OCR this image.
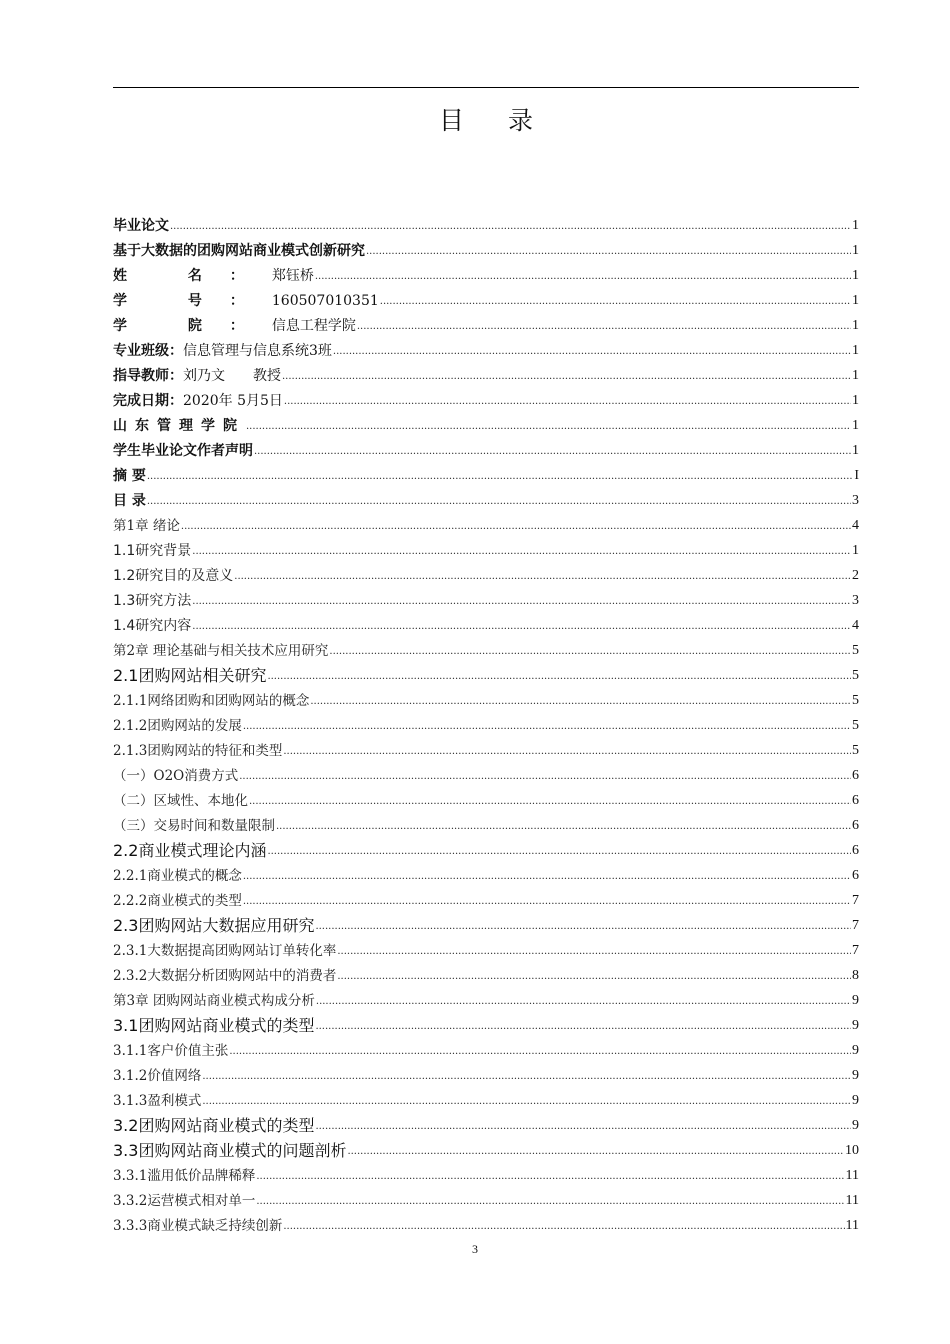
目 录
毕业论文 .....	1
基于大数据的团购网站商业模式创新研究 .....	1
姓 名：郑钰桥 .....	1
学 号：160507010351 .....	1
学 院：信息工程学院 .....	1
专业班级：信息管理与信息系统3班 .....	1
指导教师：刘乃文　　教授 .....	1
完成日期：2020年 5月5日 .....	1
山东管理学院 .....	1
学生毕业论文作者声明 .....	1
摘 要 .....	I
目 录 .....	3
第1章 绪论 .....	4
1.1研究背景 .....	1
1.2研究目的及意义 .....	2
1.3研究方法 .....	3
1.4研究内容 .....	4
第2章 理论基础与相关技术应用研究 .....	5
2.1团购网站相关研究 .....	5
2.1.1网络团购和团购网站的概念 .....	5
2.1.2团购网站的发展 .....	5
2.1.3团购网站的特征和类型 .....	5
（一）O2O消费方式 .....	6
（二）区域性、本地化 .....	6
（三）交易时间和数量限制 .....	6
2.2商业模式理论内涵 .....	6
2.2.1商业模式的概念 .....	6
2.2.2商业模式的类型 .....	7
2.3团购网站大数据应用研究 .....	7
2.3.1大数据提高团购网站订单转化率 .....	7
2.3.2大数据分析团购网站中的消费者 .....	8
第3章 团购网站商业模式构成分析 .....	9
3.1团购网站商业模式的类型 .....	9
3.1.1客户价值主张 .....	9
3.1.2价值网络 .....	9
3.1.3盈利模式 .....	9
3.2团购网站商业模式的类型 .....	9
3.3团购网站商业模式的问题剖析 .....	10
3.3.1滥用低价品牌稀释 .....	11
3.3.2运营模式相对单一 .....	11
3.3.3商业模式缺乏持续创新 .....	11
3
